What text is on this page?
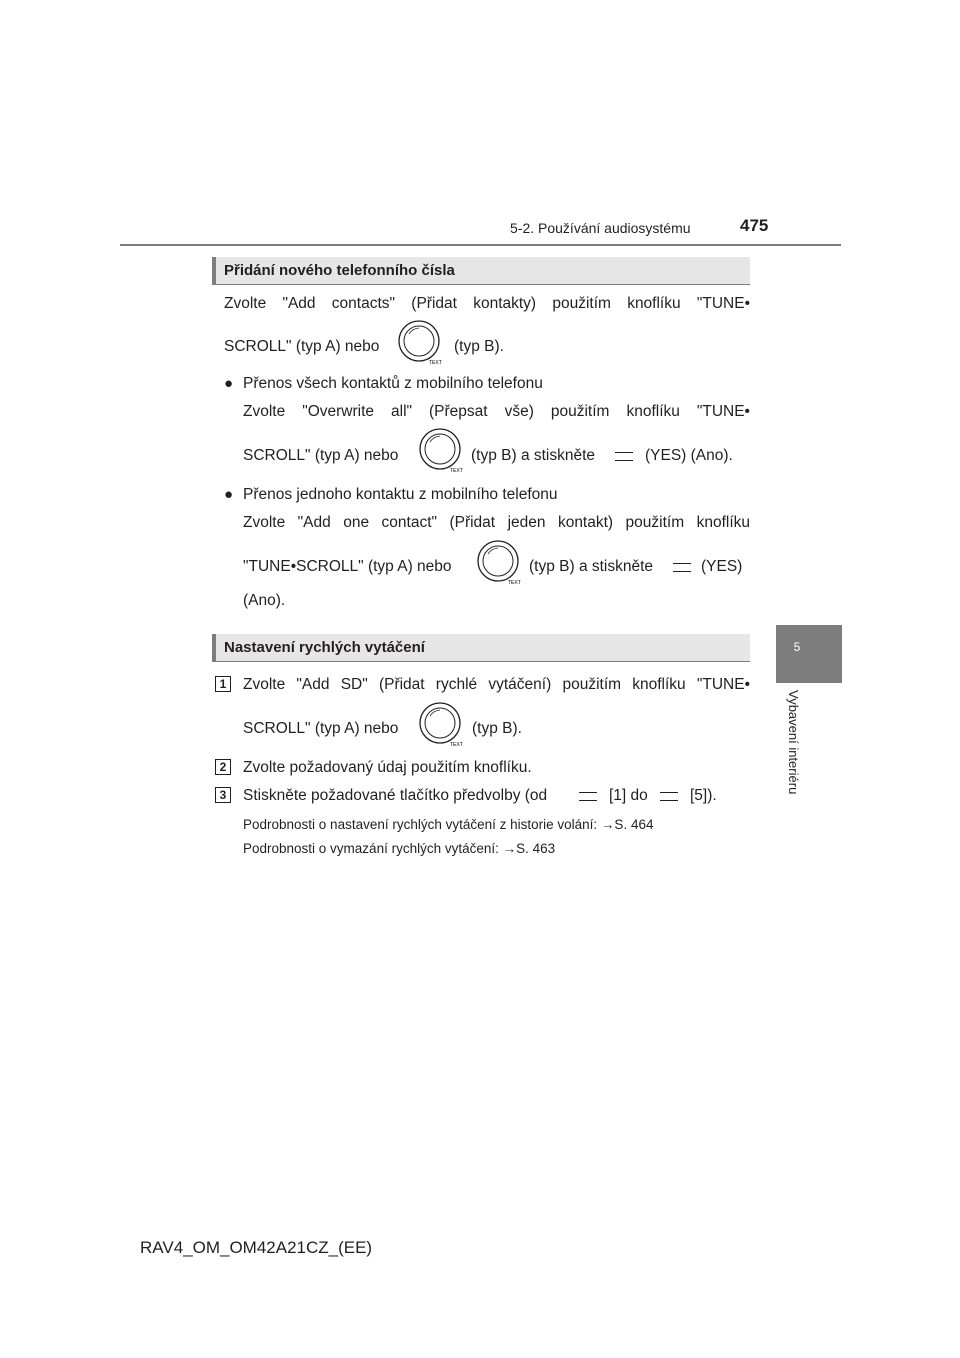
5-2. Používání audiosystému	475
5
Vybavení interiéru
Přidání nového telefonního čísla
Zvolte "Add contacts" (Přidat kontakty) použitím knoflíku "TUNE•
SCROLL" (typ A) nebo
TEXT
(typ B).
● Přenos všech kontaktů z mobilního telefonu
Zvolte "Overwrite all" (Přepsat vše) použitím knoflíku "TUNE•
SCROLL" (typ A) nebo
TEXT
(typ B) a stiskněte	(YES) (Ano).
● Přenos jednoho kontaktu z mobilního telefonu
Zvolte "Add one contact" (Přidat jeden kontakt) použitím knoflíku
"TUNE•SCROLL" (typ A) nebo
TEXT
(typ B) a stiskněte	(YES)
(Ano).
Nastavení rychlých vytáčení
1	Zvolte "Add SD" (Přidat rychlé vytáčení) použitím knoflíku "TUNE•
SCROLL" (typ A) nebo
TEXT
(typ B).
2	Zvolte požadovaný údaj použitím knoflíku.
3	Stiskněte požadované tlačítko předvolby (od	[1] do	[5]).
Podrobnosti o nastavení rychlých vytáčení z historie volání: →S. 464
Podrobnosti o vymazání rychlých vytáčení: →S. 463
RAV4_OM_OM42A21CZ_(EE)
